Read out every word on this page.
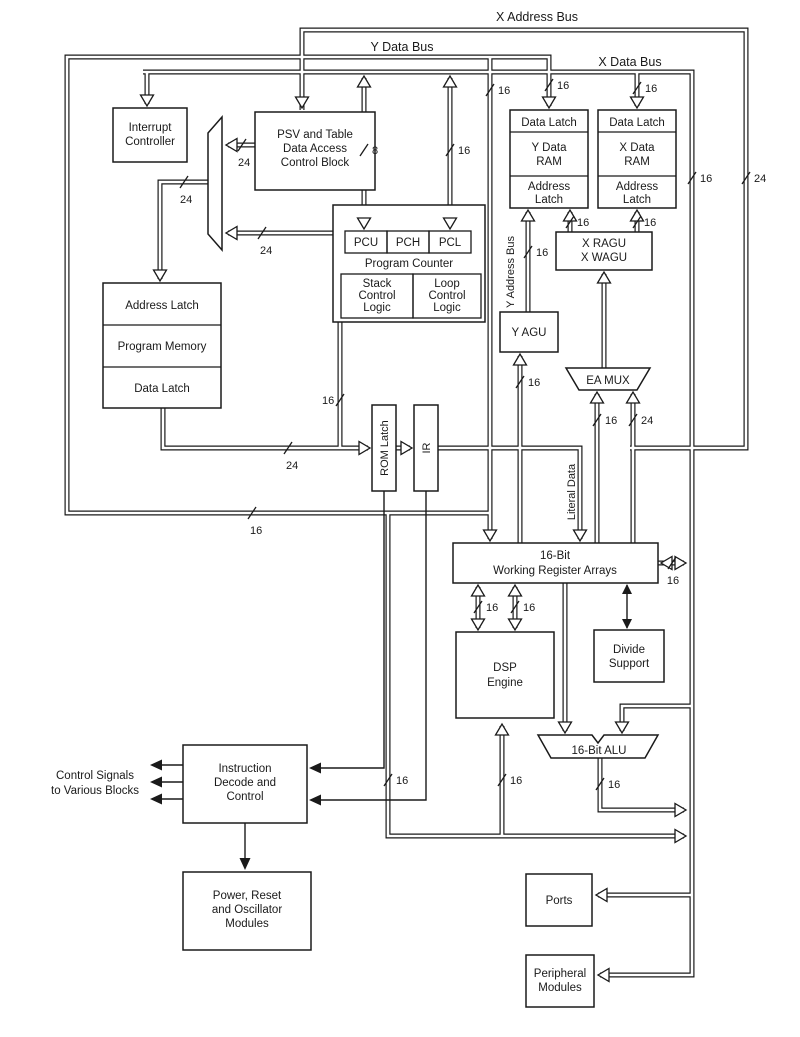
Interrupt
Controller
PSV and Table
Data Access
Control Block
PCU PCH PCL
Program Counter
Stack
Control
Logic
Loop
Control
Logic
Address Latch
Program Memory
Data Latch
ROM Latch	IR
Data Latch
Y Data
RAM
Address
Latch
Data Latch
X Data
RAM
Address
Latch
X RAGU
X WAGU
Y AGU
EA MUX
16-Bit
Working Register Arrays
DSP
Engine
Divide
Support
16-Bit ALU
Instruction
Decode and
Control
Power, Reset
and Oscillator
Modules
Ports
Peripheral
Modules
8	16
16	16	16
16	24
24
24
24
24
16
16
16
16	16
16 24
16 16
16
16
16	16	16
X Address Bus
Y Data Bus
X Data Bus
Y Address Bus
Literal Data
Control Signals
to Various Blocks
